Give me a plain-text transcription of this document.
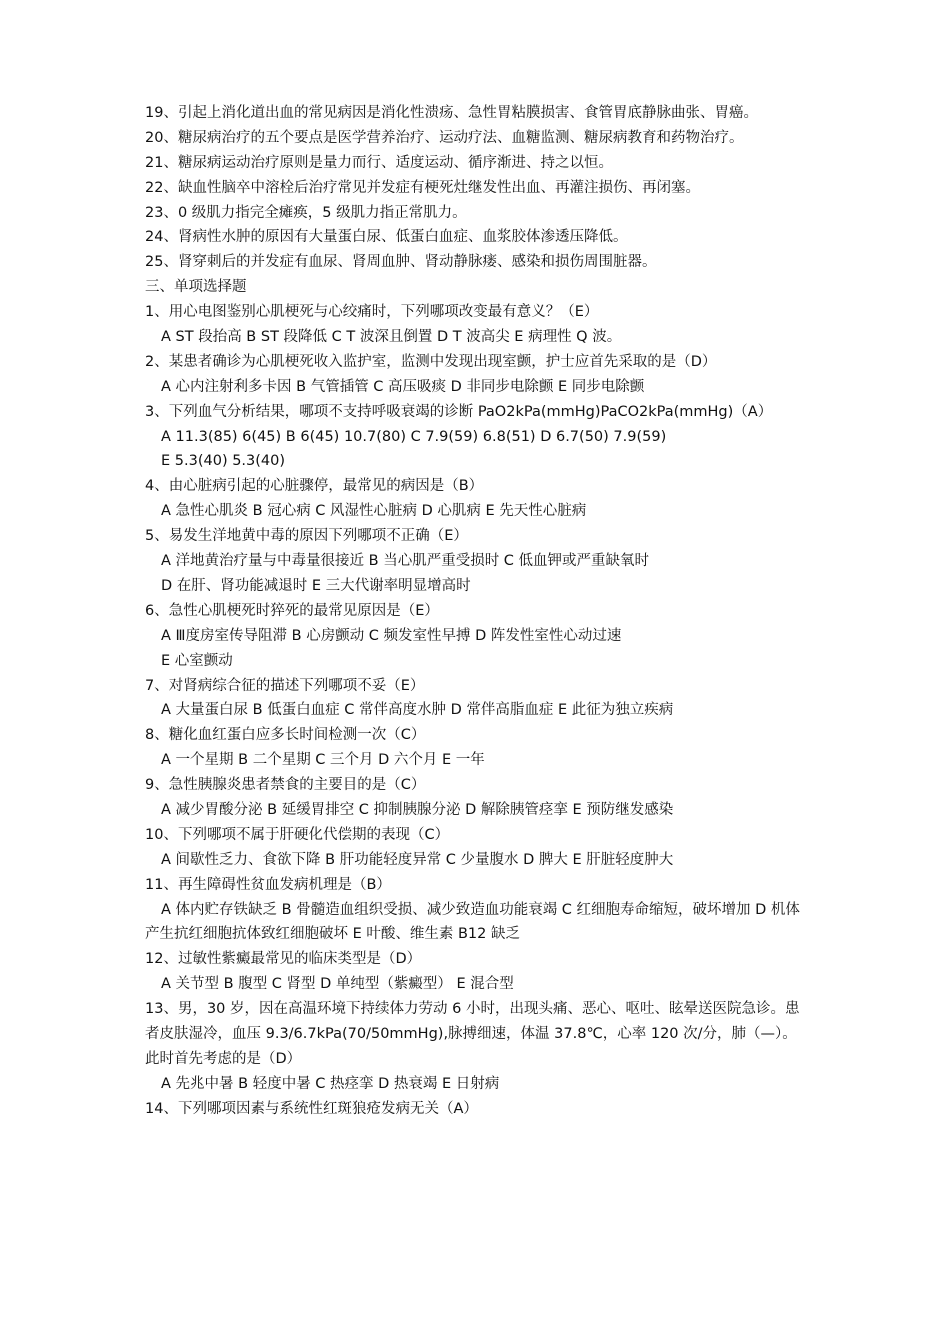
19、引起上消化道出血的常见病因是消化性溃疡、急性胃粘膜损害、食管胃底静脉曲张、胃癌。
20、糖尿病治疗的五个要点是医学营养治疗、运动疗法、血糖监测、糖尿病教育和药物治疗。
21、糖尿病运动治疗原则是量力而行、适度运动、循序渐进、持之以恒。
22、缺血性脑卒中溶栓后治疗常见并发症有梗死灶继发性出血、再灌注损伤、再闭塞。
23、0 级肌力指完全瘫痪，5 级肌力指正常肌力。
24、肾病性水肿的原因有大量蛋白尿、低蛋白血症、血浆胶体渗透压降低。
25、肾穿刺后的并发症有血尿、肾周血肿、肾动静脉瘘、感染和损伤周围脏器。
三、单项选择题
1、用心电图鉴别心肌梗死与心绞痛时，下列哪项改变最有意义？（E）
A ST 段抬高 B ST 段降低 C T 波深且倒置 D T 波高尖 E 病理性 Q 波。
2、某患者确诊为心肌梗死收入监护室，监测中发现出现室颤，护士应首先采取的是（D）
A 心内注射利多卡因 B 气管插管 C 高压吸痰 D 非同步电除颤 E 同步电除颤
3、下列血气分析结果，哪项不支持呼吸衰竭的诊断 PaO2kPa(mmHg)PaCO2kPa(mmHg)（A）
A 11.3(85) 6(45) B 6(45) 10.7(80) C 7.9(59) 6.8(51) D 6.7(50) 7.9(59)
E 5.3(40) 5.3(40)
4、由心脏病引起的心脏骤停，最常见的病因是（B）
A 急性心肌炎 B 冠心病 C 风湿性心脏病 D 心肌病 E 先天性心脏病
5、易发生洋地黄中毒的原因下列哪项不正确（E）
A 洋地黄治疗量与中毒量很接近 B 当心肌严重受损时 C 低血钾或严重缺氧时
D 在肝、肾功能减退时 E 三大代谢率明显增高时
6、急性心肌梗死时猝死的最常见原因是（E）
A Ⅲ度房室传导阻滞 B 心房颤动 C 频发室性早搏 D 阵发性室性心动过速
E 心室颤动
7、对肾病综合征的描述下列哪项不妥（E）
A 大量蛋白尿 B 低蛋白血症 C 常伴高度水肿 D 常伴高脂血症 E 此征为独立疾病
8、糖化血红蛋白应多长时间检测一次（C）
A 一个星期 B 二个星期 C 三个月 D 六个月 E 一年
9、急性胰腺炎患者禁食的主要目的是（C）
A 减少胃酸分泌 B 延缓胃排空 C 抑制胰腺分泌 D 解除胰管痉挛 E 预防继发感染
10、下列哪项不属于肝硬化代偿期的表现（C）
A 间歇性乏力、食欲下降 B 肝功能轻度异常 C 少量腹水 D 脾大 E 肝脏轻度肿大
11、再生障碍性贫血发病机理是（B）
A 体内贮存铁缺乏 B 骨髓造血组织受损、减少致造血功能衰竭 C 红细胞寿命缩短，破坏增加 D 机体产生抗红细胞抗体致红细胞破坏 E 叶酸、维生素 B12 缺乏
12、过敏性紫癜最常见的临床类型是（D）
A 关节型 B 腹型 C 肾型 D 单纯型（紫癜型） E 混合型
13、男，30 岁，因在高温环境下持续体力劳动 6 小时，出现头痛、恶心、呕吐、眩晕送医院急诊。患者皮肤湿冷，血压 9.3/6.7kPa(70/50mmHg),脉搏细速，体温 37.8℃，心率 120 次/分，肺（—）。此时首先考虑的是（D）
A 先兆中暑 B 轻度中暑 C 热痉挛 D 热衰竭 E 日射病
14、下列哪项因素与系统性红斑狼疮发病无关（A）
